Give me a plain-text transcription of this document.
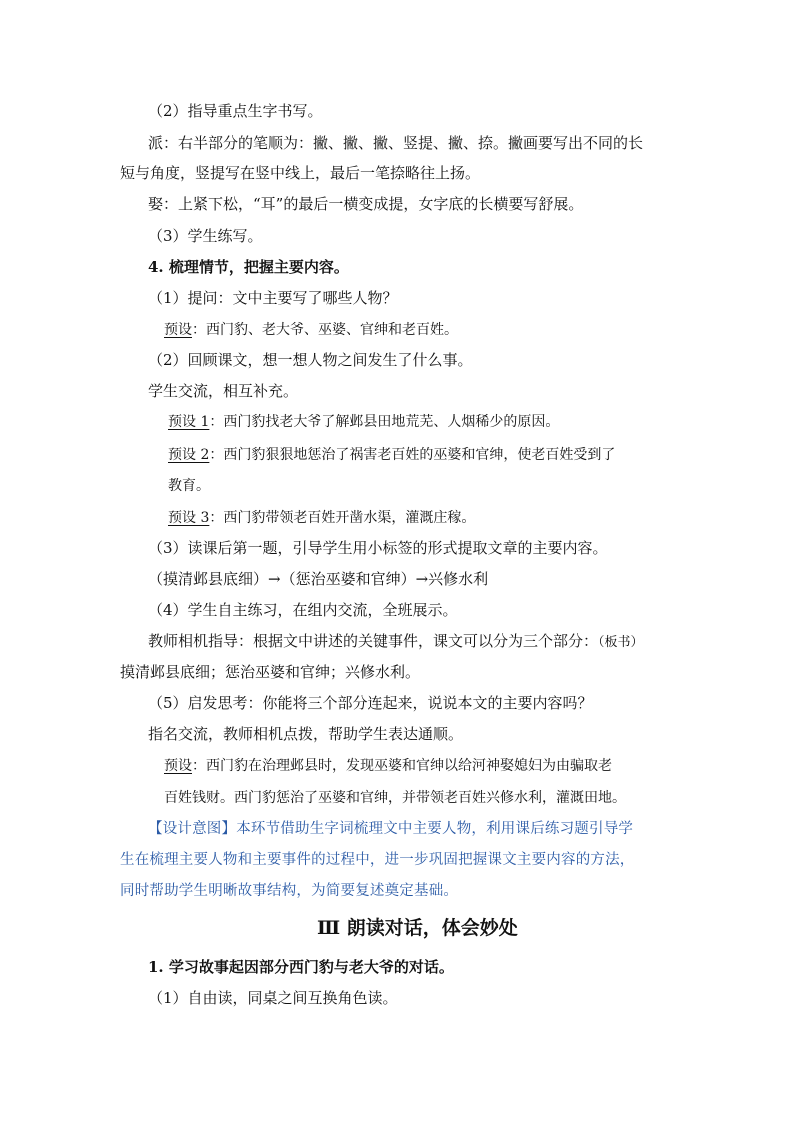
（2）指导重点生字书写。
派：右半部分的笔顺为：撇、撇、撇、竖提、撇、捺。撇画要写出不同的长
短与角度，竖提写在竖中线上，最后一笔捺略往上扬。
娶：上紧下松，“耳”的最后一横变成提，女字底的长横要写舒展。
（3）学生练写。
4. 梳理情节，把握主要内容。
（1）提问：文中主要写了哪些人物？
预设：西门豹、老大爷、巫婆、官绅和老百姓。
（2）回顾课文，想一想人物之间发生了什么事。
学生交流，相互补充。
预设 1：西门豹找老大爷了解邺县田地荒芜、人烟稀少的原因。
预设 2：西门豹狠狠地惩治了祸害老百姓的巫婆和官绅，使老百姓受到了
教育。
预设 3：西门豹带领老百姓开凿水渠，灌溉庄稼。
（3）读课后第一题，引导学生用小标签的形式提取文章的主要内容。
（摸清邺县底细）→（惩治巫婆和官绅）→兴修水利
（4）学生自主练习，在组内交流，全班展示。
教师相机指导：根据文中讲述的关键事件，课文可以分为三个部分：（板书）
摸清邺县底细；惩治巫婆和官绅；兴修水利。
（5）启发思考：你能将三个部分连起来，说说本文的主要内容吗？
指名交流，教师相机点拨，帮助学生表达通顺。
预设：西门豹在治理邺县时，发现巫婆和官绅以给河神娶媳妇为由骗取老
百姓钱财。西门豹惩治了巫婆和官绅，并带领老百姓兴修水利，灌溉田地。
【设计意图】本环节借助生字词梳理文中主要人物，利用课后练习题引导学
生在梳理主要人物和主要事件的过程中，进一步巩固把握课文主要内容的方法，
同时帮助学生明晰故事结构，为简要复述奠定基础。
Ⅲ 朗读对话，体会妙处
1. 学习故事起因部分西门豹与老大爷的对话。
（1）自由读，同桌之间互换角色读。
